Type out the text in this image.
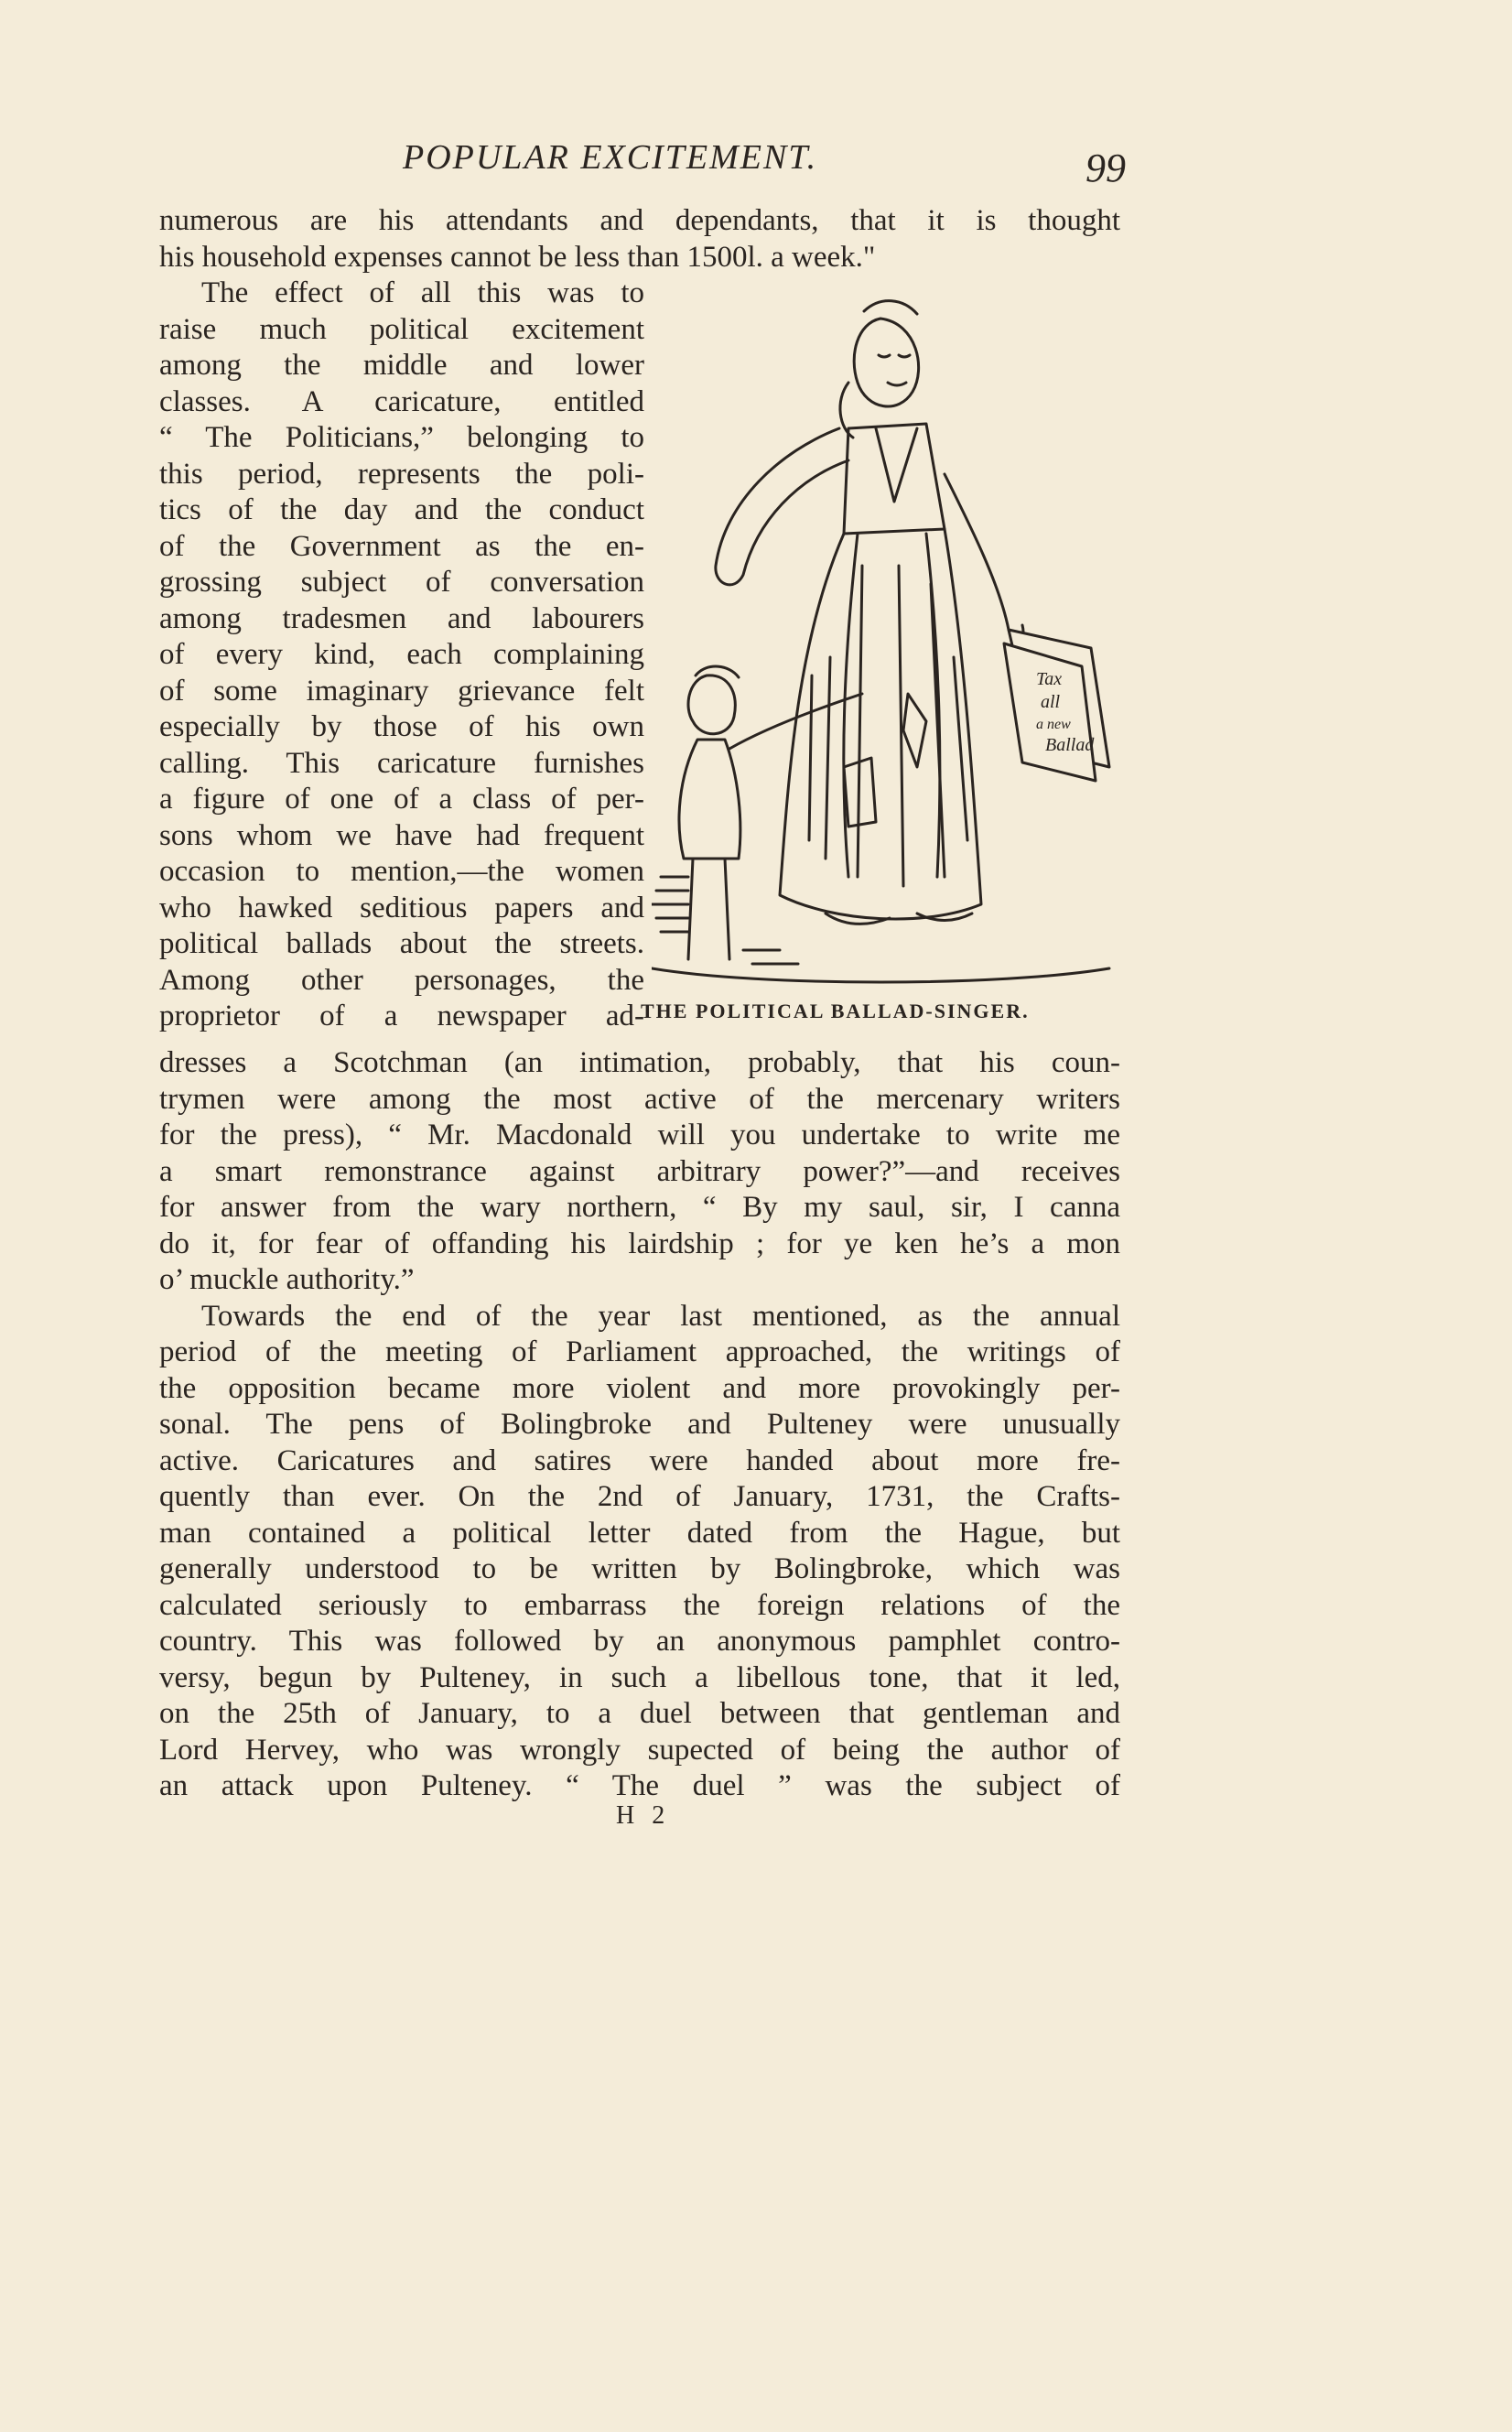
POPULAR EXCITEMENT.	99
numerous are his attendants and dependants, that it is thought
his household expenses cannot be less than 1500l. a week."
The effect of all this was to
raise much political excitement
among the middle and lower
classes. A caricature, entitled
“ The Politicians,” belonging to
this period, represents the poli-
tics of the day and the conduct
of the Government as the en-
grossing subject of conversation
among tradesmen and labourers
of every kind, each complaining
of some imaginary grievance felt
especially by those of his own
calling. This caricature furnishes
a figure of one of a class of per-
sons whom we have had frequent
occasion to mention,—the women
who hawked seditious papers and
political ballads about the streets.
Among other personages, the
proprietor of a newspaper ad-
Tax
all
a new
Ballad
THE POLITICAL BALLAD-SINGER.
dresses a Scotchman (an intimation, probably, that his coun-
trymen were among the most active of the mercenary writers
for the press), “ Mr. Macdonald will you undertake to write me
a smart remonstrance against arbitrary power?”—and receives
for answer from the wary northern, “ By my saul, sir, I canna
do it, for fear of offanding his lairdship ; for ye ken he’s a mon
o’ muckle authority.”
Towards the end of the year last mentioned, as the annual
period of the meeting of Parliament approached, the writings of
the opposition became more violent and more provokingly per-
sonal. The pens of Bolingbroke and Pulteney were unusually
active. Caricatures and satires were handed about more fre-
quently than ever. On the 2nd of January, 1731, the Crafts-
man contained a political letter dated from the Hague, but
generally understood to be written by Bolingbroke, which was
calculated seriously to embarrass the foreign relations of the
country. This was followed by an anonymous pamphlet contro-
versy, begun by Pulteney, in such a libellous tone, that it led,
on the 25th of January, to a duel between that gentleman and
Lord Hervey, who was wrongly supected of being the author of
an attack upon Pulteney. “ The duel ” was the subject of
H 2
